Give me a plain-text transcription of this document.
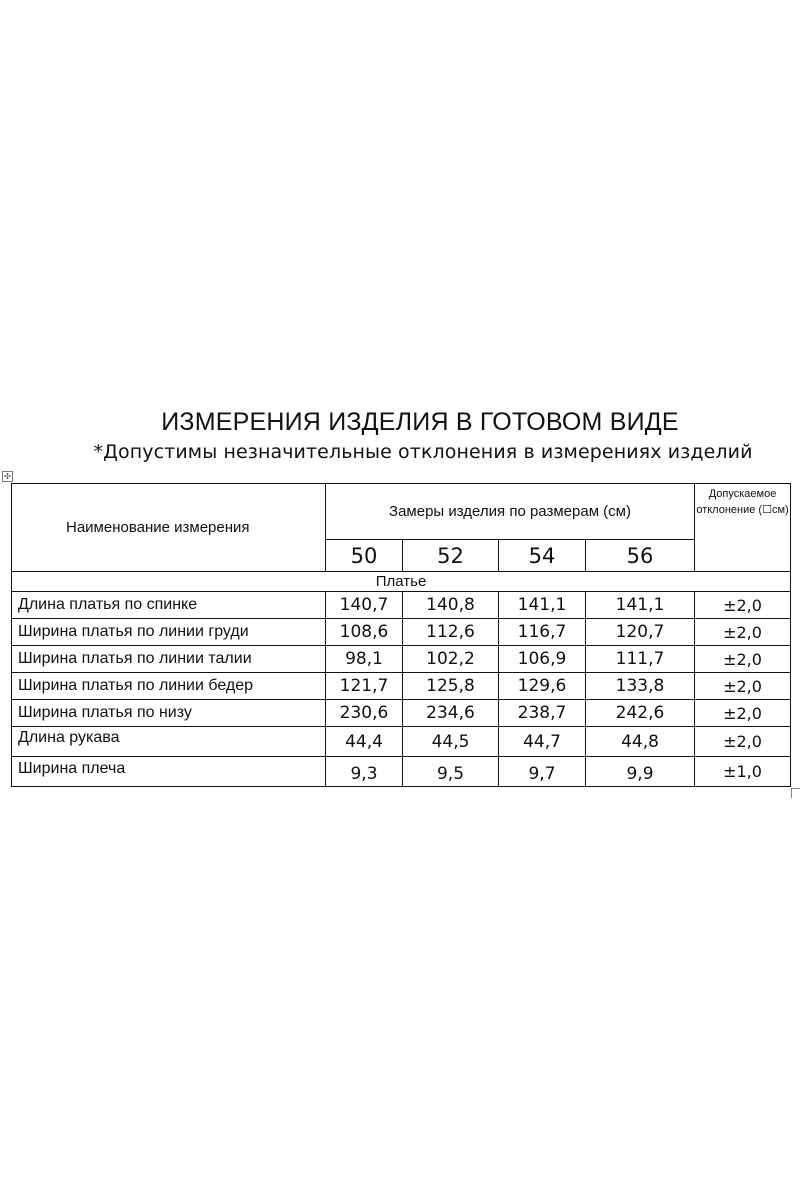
ИЗМЕРЕНИЯ ИЗДЕЛИЯ В ГОТОВОМ ВИДЕ
*Допустимы незначительные отклонения в измерениях изделий
✣
Наименование измерения	Замеры изделия по размерам (см)				Допускаемое отклонение (☐см)
	50	52	54	56	
Платье					
Длина платья по спинке	140,7	140,8	141,1	141,1	±2,0
Ширина платья по линии груди	108,6	112,6	116,7	120,7	±2,0
Ширина платья по линии талии	98,1	102,2	106,9	111,7	±2,0
Ширина платья по линии бедер	121,7	125,8	129,6	133,8	±2,0
Ширина платья по низу	230,6	234,6	238,7	242,6	±2,0
Длина рукава	44,4	44,5	44,7	44,8	±2,0
Ширина плеча	9,3	9,5	9,7	9,9	±1,0
